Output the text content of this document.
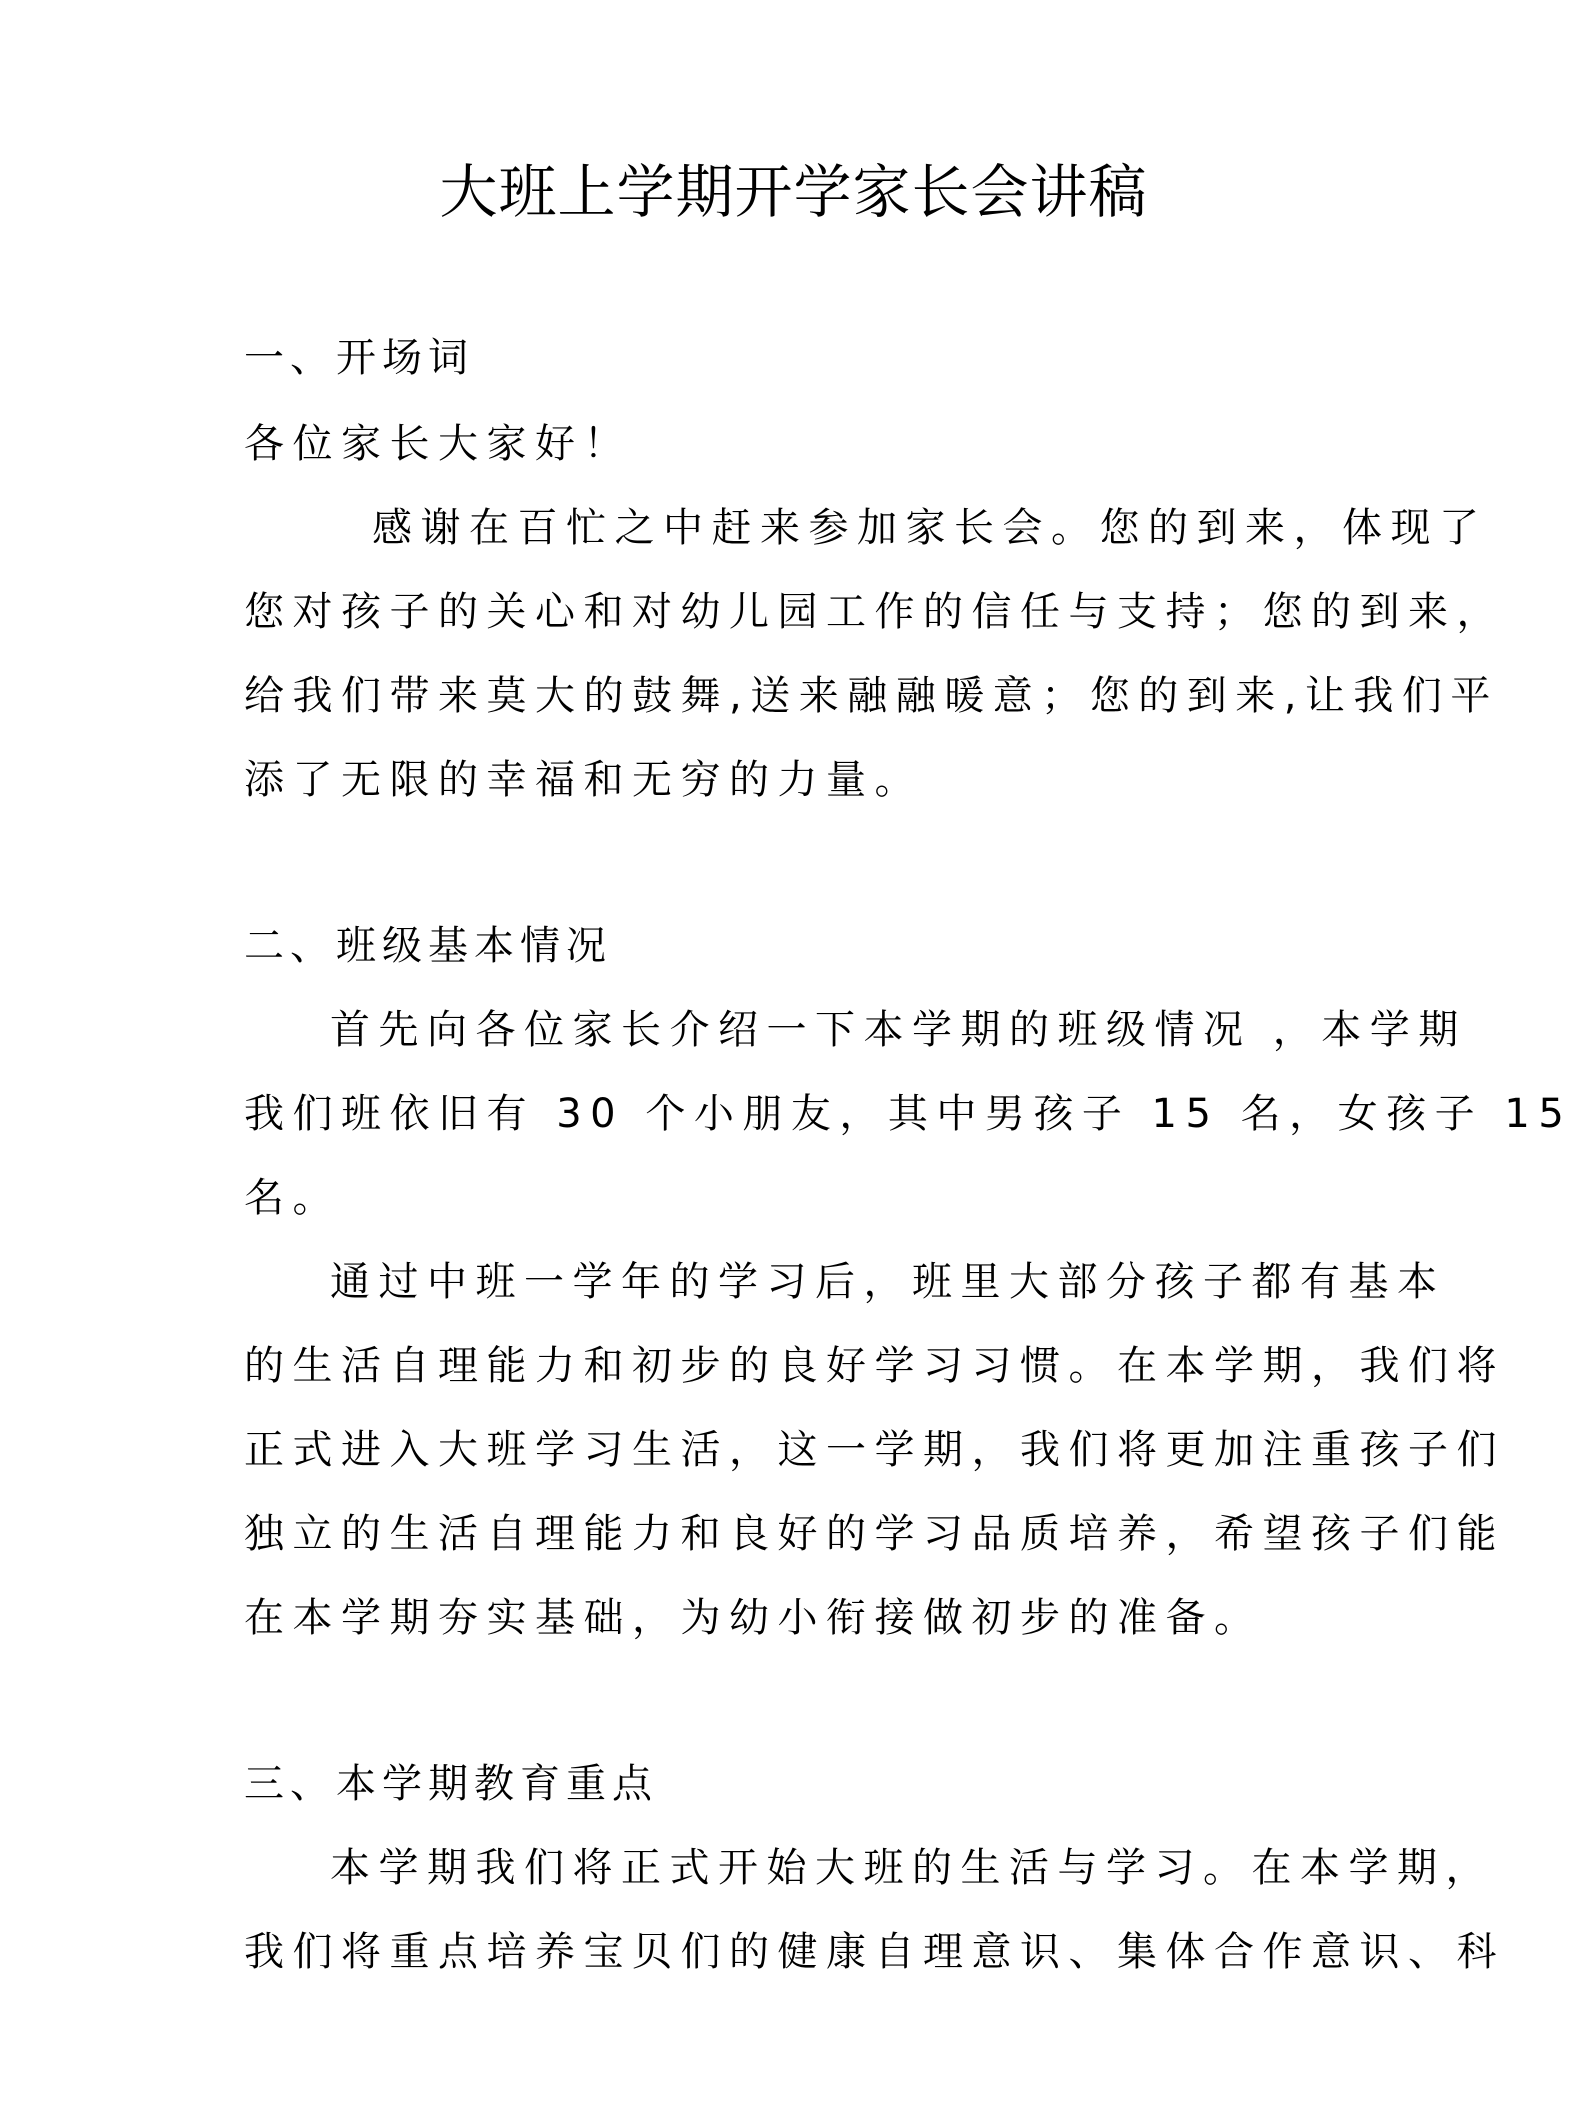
大班上学期开学家长会讲稿
一、开场词
各位家长大家好！
感谢在百忙之中赶来参加家长会。您的到来，体现了
您对孩子的关心和对幼儿园工作的信任与支持；您的到来，
给我们带来莫大的鼓舞,送来融融暖意；您的到来,让我们平
添了无限的幸福和无穷的力量。
二、班级基本情况
首先向各位家长介绍一下本学期的班级情况 ，本学期
我们班依旧有 30 个小朋友，其中男孩子 15 名，女孩子 15
名。
通过中班一学年的学习后，班里大部分孩子都有基本
的生活自理能力和初步的良好学习习惯。在本学期，我们将
正式进入大班学习生活，这一学期，我们将更加注重孩子们
独立的生活自理能力和良好的学习品质培养，希望孩子们能
在本学期夯实基础，为幼小衔接做初步的准备。
三、本学期教育重点
本学期我们将正式开始大班的生活与学习。在本学期，
我们将重点培养宝贝们的健康自理意识、集体合作意识、科
